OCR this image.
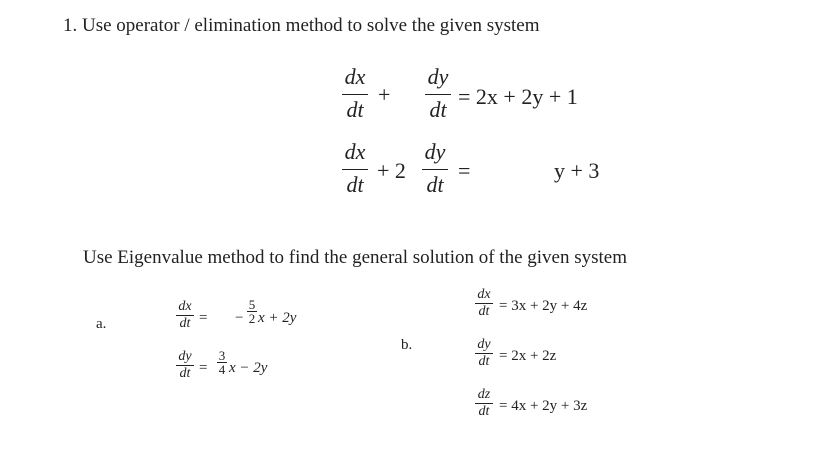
1. Use operator / elimination method to solve the given system
dx
dt
+
dy
dt
= 2x + 2y + 1
dx
dt
+ 2
dy
dt
=	y + 3
Use Eigenvalue method to find the general solution of the given system
a.
dx
dt = −
5
2 x + 2y
dy
dt =
3
4 x − 2y
b.
dx
dt = 3x + 2y + 4z
dy
dt = 2x + 2z
dz
dt = 4x + 2y + 3z
